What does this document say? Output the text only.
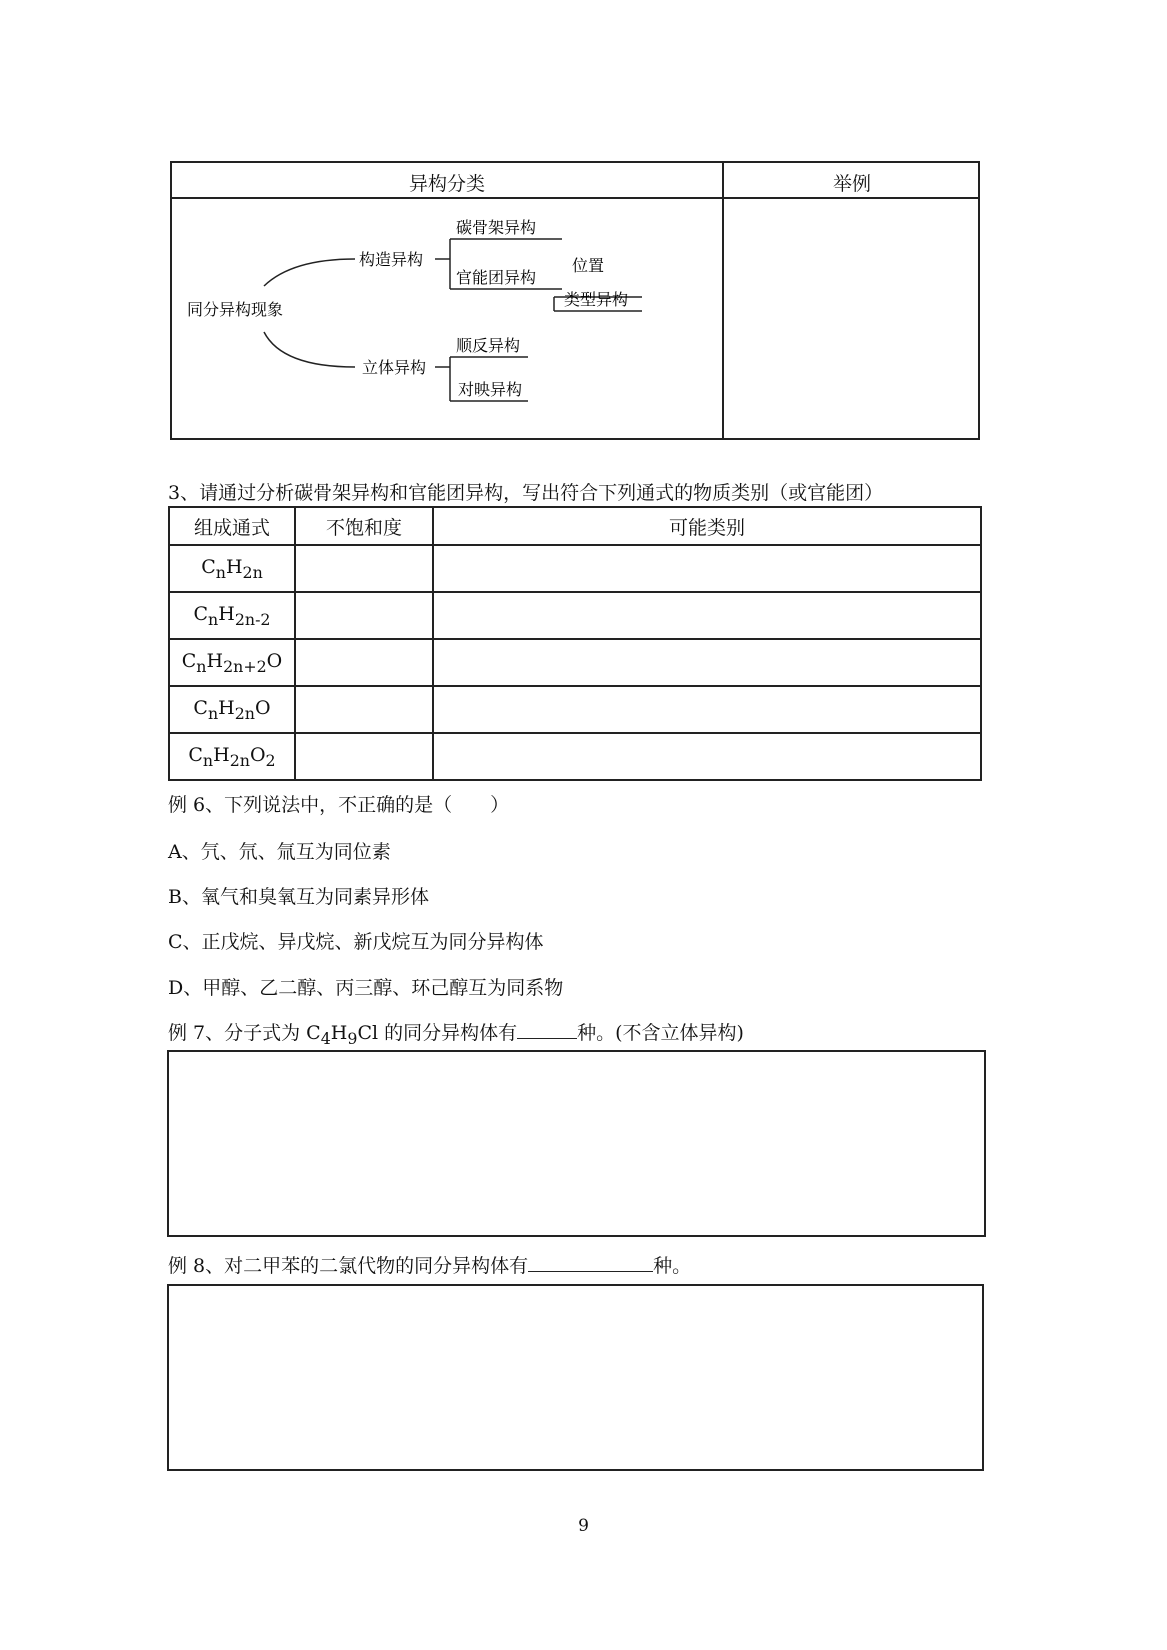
异构分类	举例
同分异构现象
构造异构
立体异构
碳骨架异构
官能团异构
位置
类型异构
顺反异构
对映异构
3、请通过分析碳骨架异构和官能团异构，写出符合下列通式的物质类别（或官能团）
组成通式	不饱和度	可能类别
$C_nH_{2n}$		
$C_nH_{2n-2}$		
$C_nH_{2n+2}O$		
$C_nH_{2n}O$		
$C_nH_{2n}O_2$		
例 6、下列说法中，不正确的是（　　）
A、氕、氘、氚互为同位素
B、氧气和臭氧互为同素异形体
C、正戊烷、异戊烷、新戊烷互为同分异构体
D、甲醇、乙二醇、丙三醇、环己醇互为同系物
例 7、分子式为 $C_4H_9Cl$ 的同分异构体有	种。(不含立体异构)
例 8、对二甲苯的二氯代物的同分异构体有	种。
9
